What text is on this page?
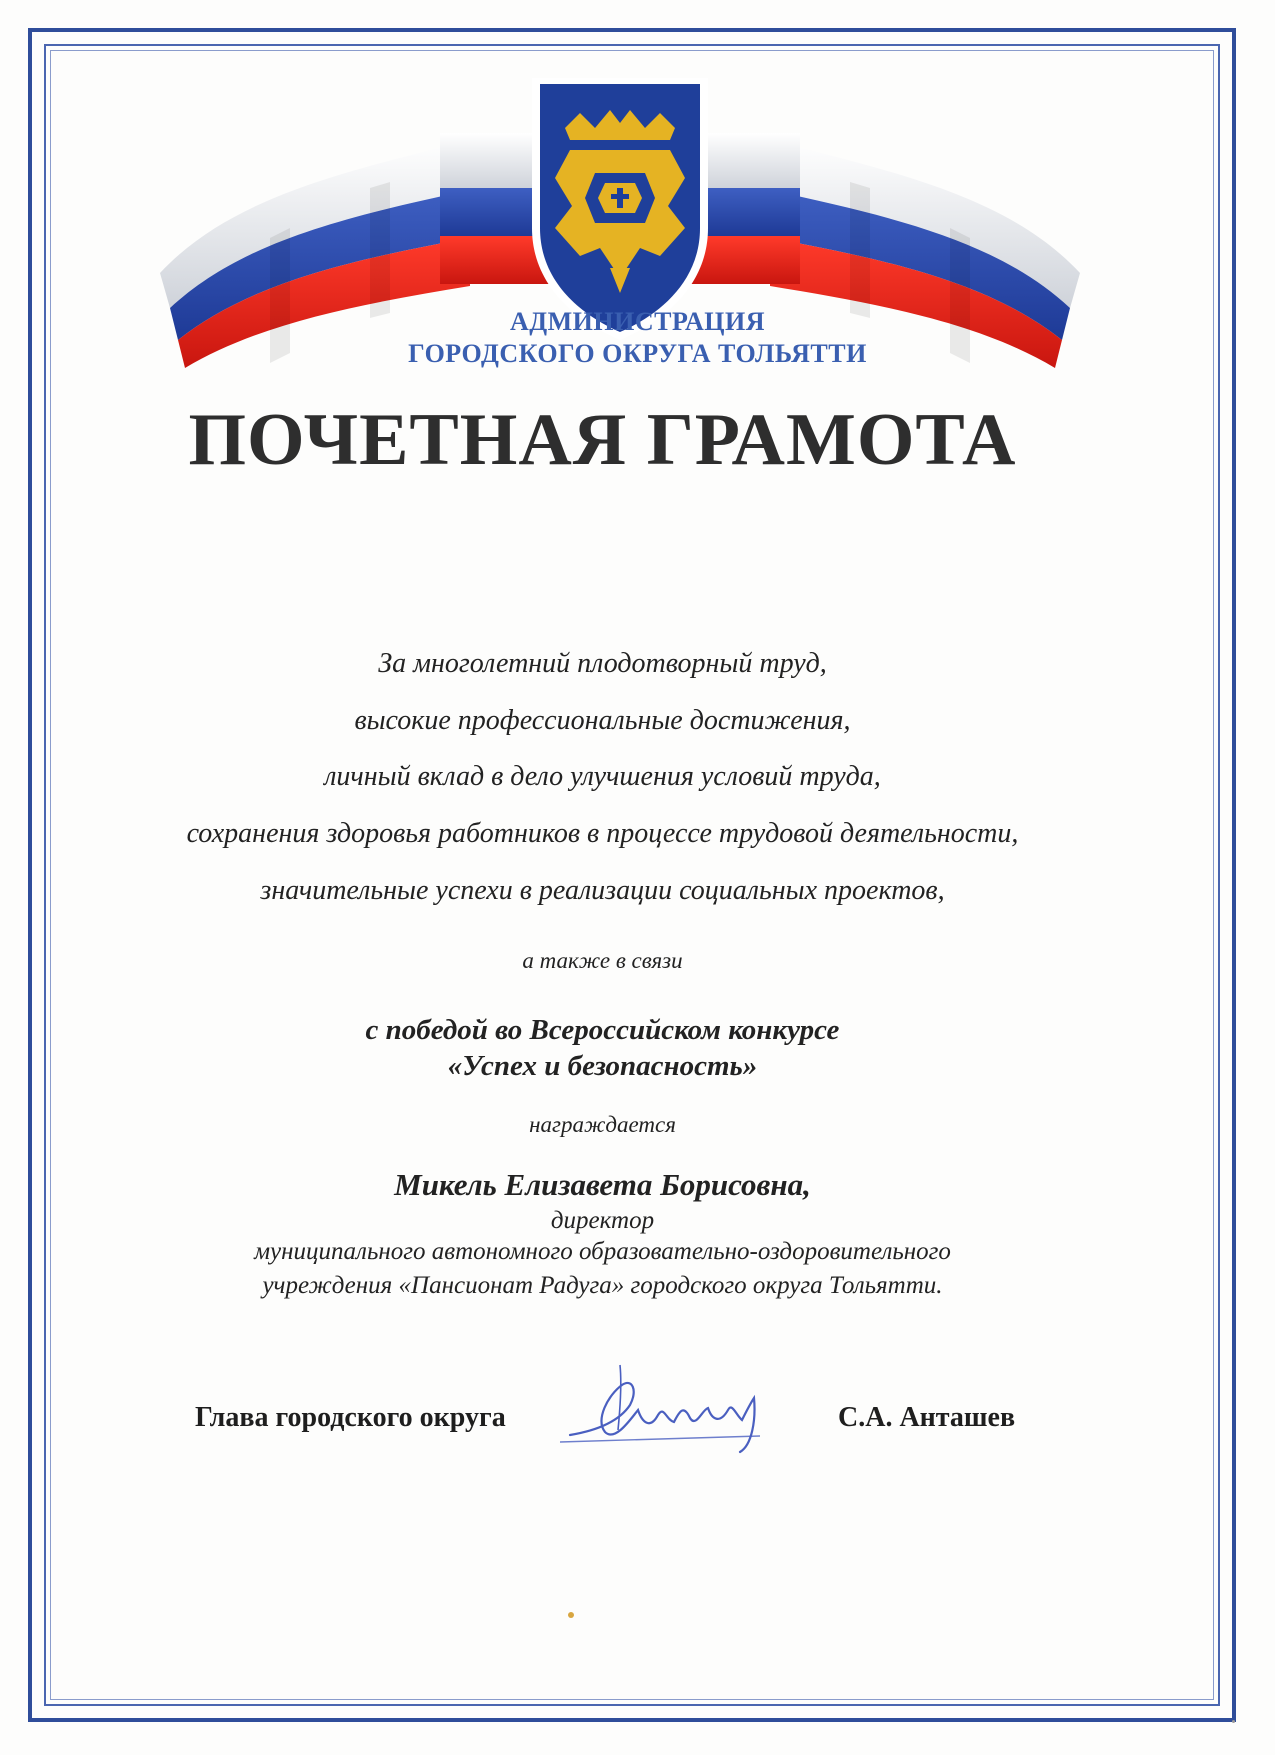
АДМИНИСТРАЦИЯ
ГОРОДСКОГО ОКРУГА ТОЛЬЯТТИ
ПОЧЕТНАЯ ГРАМОТА
За многолетний плодотворный труд,
высокие профессиональные достижения,
личный вклад в дело улучшения условий труда,
сохранения здоровья работников в процессе трудовой деятельности,
значительные успехи в реализации социальных проектов,
а также в связи
с победой во Всероссийском конкурсе
«Успех и безопасность»
награждается
Микель Елизавета Борисовна,
директор
муниципального автономного образовательно-оздоровительного
учреждения «Пансионат Радуга» городского округа Тольятти.
Глава городского округа	С.А. Анташев
